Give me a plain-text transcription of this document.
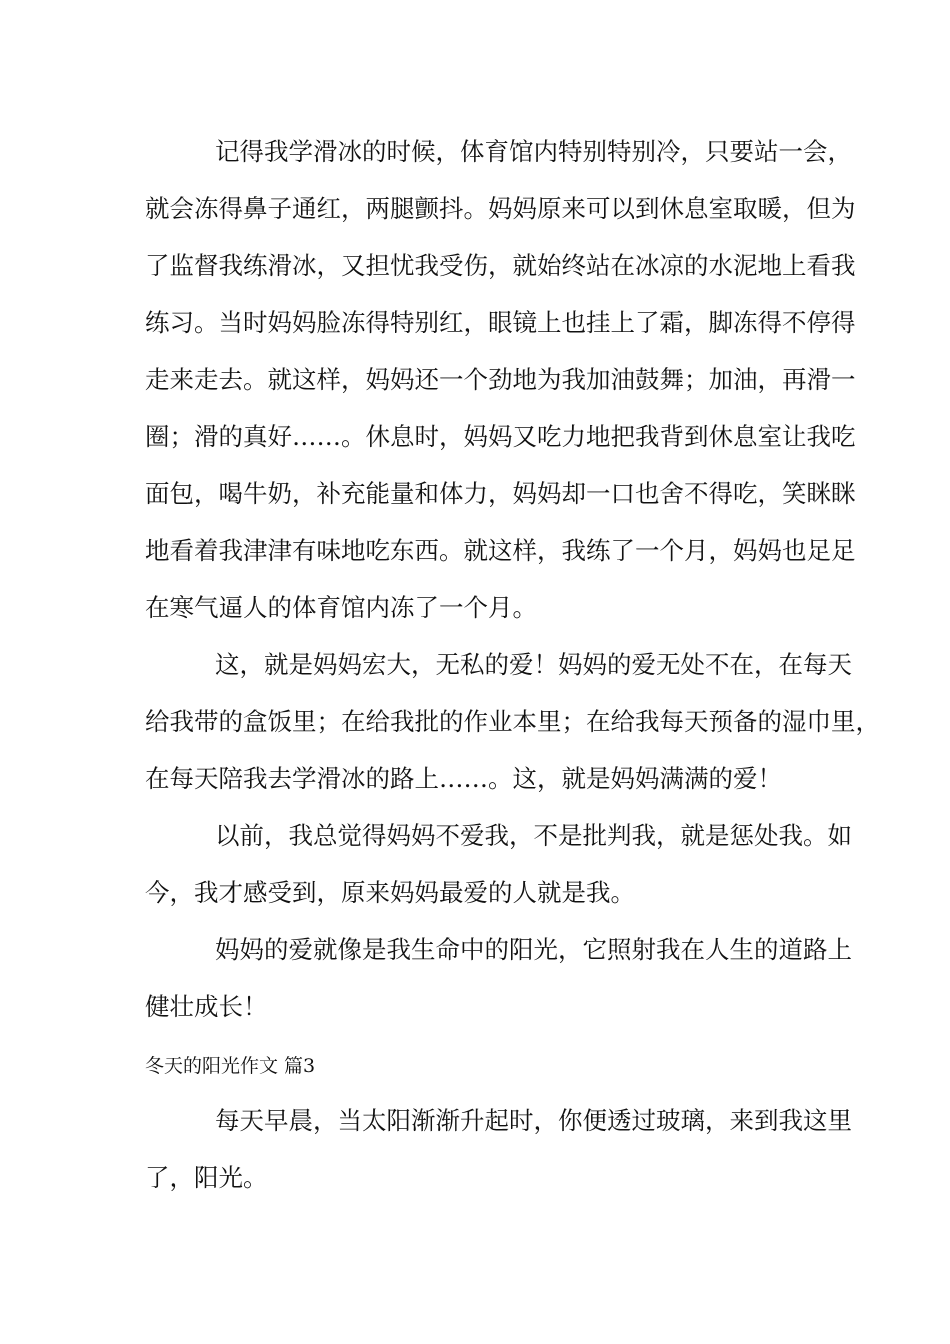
记得我学滑冰的时候，体育馆内特别特别冷，只要站一会，
就会冻得鼻子通红，两腿颤抖。妈妈原来可以到休息室取暖，但为
了监督我练滑冰，又担忧我受伤，就始终站在冰凉的水泥地上看我
练习。当时妈妈脸冻得特别红，眼镜上也挂上了霜，脚冻得不停得
走来走去。就这样，妈妈还一个劲地为我加油鼓舞；加油，再滑一
圈；滑的真好……。休息时，妈妈又吃力地把我背到休息室让我吃
面包，喝牛奶，补充能量和体力，妈妈却一口也舍不得吃，笑眯眯
地看着我津津有味地吃东西。就这样，我练了一个月，妈妈也足足
在寒气逼人的体育馆内冻了一个月。
这，就是妈妈宏大，无私的爱！妈妈的爱无处不在，在每天
给我带的盒饭里；在给我批的作业本里；在给我每天预备的湿巾里，
在每天陪我去学滑冰的路上……。这，就是妈妈满满的爱！
以前，我总觉得妈妈不爱我，不是批判我，就是惩处我。如
今，我才感受到，原来妈妈最爱的人就是我。
妈妈的爱就像是我生命中的阳光，它照射我在人生的道路上
健壮成长！
冬天的阳光作文 篇3
每天早晨，当太阳渐渐升起时，你便透过玻璃，来到我这里
了，阳光。
